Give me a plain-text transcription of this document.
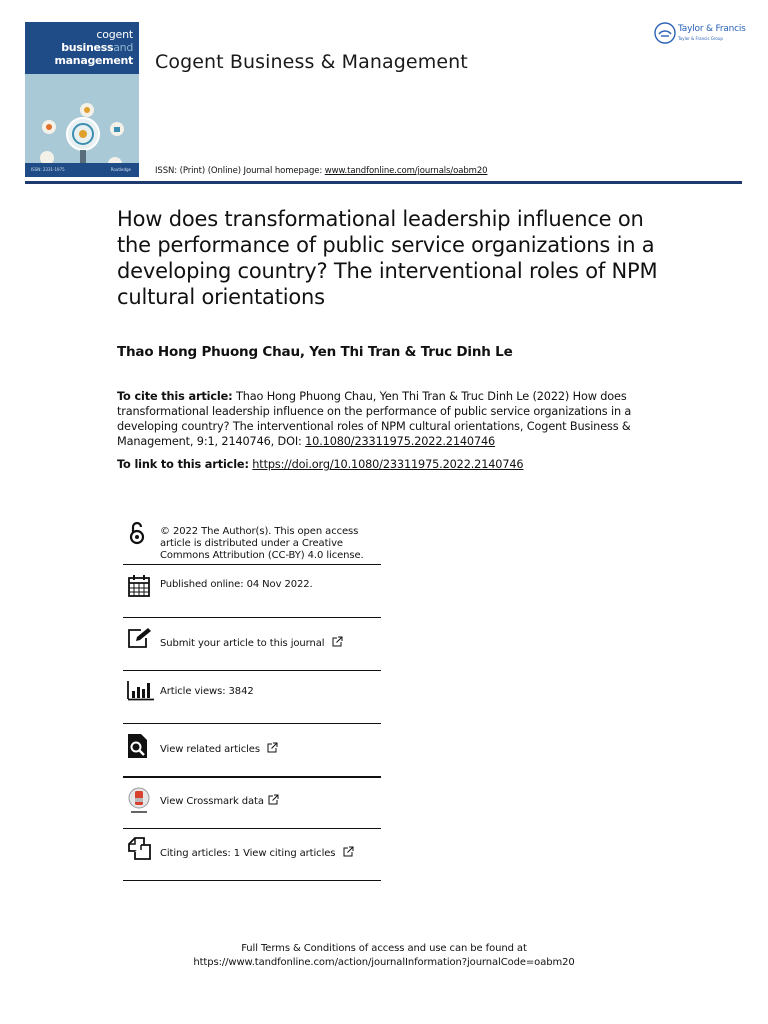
cogent
businessand
management
ISSN: 2331-1975	Routledge
Cogent Business & Management
Taylor & Francis
Taylor & Francis Group
ISSN: (Print) (Online) Journal homepage: www.tandfonline.com/journals/oabm20
How does transformational leadership influence on the performance of public service organizations in a developing country? The interventional roles of NPM cultural orientations
Thao Hong Phuong Chau, Yen Thi Tran & Truc Dinh Le
To cite this article: Thao Hong Phuong Chau, Yen Thi Tran & Truc Dinh Le (2022) How does transformational leadership influence on the performance of public service organizations in a developing country? The interventional roles of NPM cultural orientations, Cogent Business & Management, 9:1, 2140746, DOI: 10.1080/23311975.2022.2140746
To link to this article: https://doi.org/10.1080/23311975.2022.2140746
© 2022 The Author(s). This open access article is distributed under a Creative Commons Attribution (CC-BY) 4.0 license.
Published online: 04 Nov 2022.
Submit your article to this journal
Article views: 3842
View related articles
View Crossmark data
Citing articles: 1 View citing articles
Full Terms & Conditions of access and use can be found at
https://www.tandfonline.com/action/journalInformation?journalCode=oabm20
